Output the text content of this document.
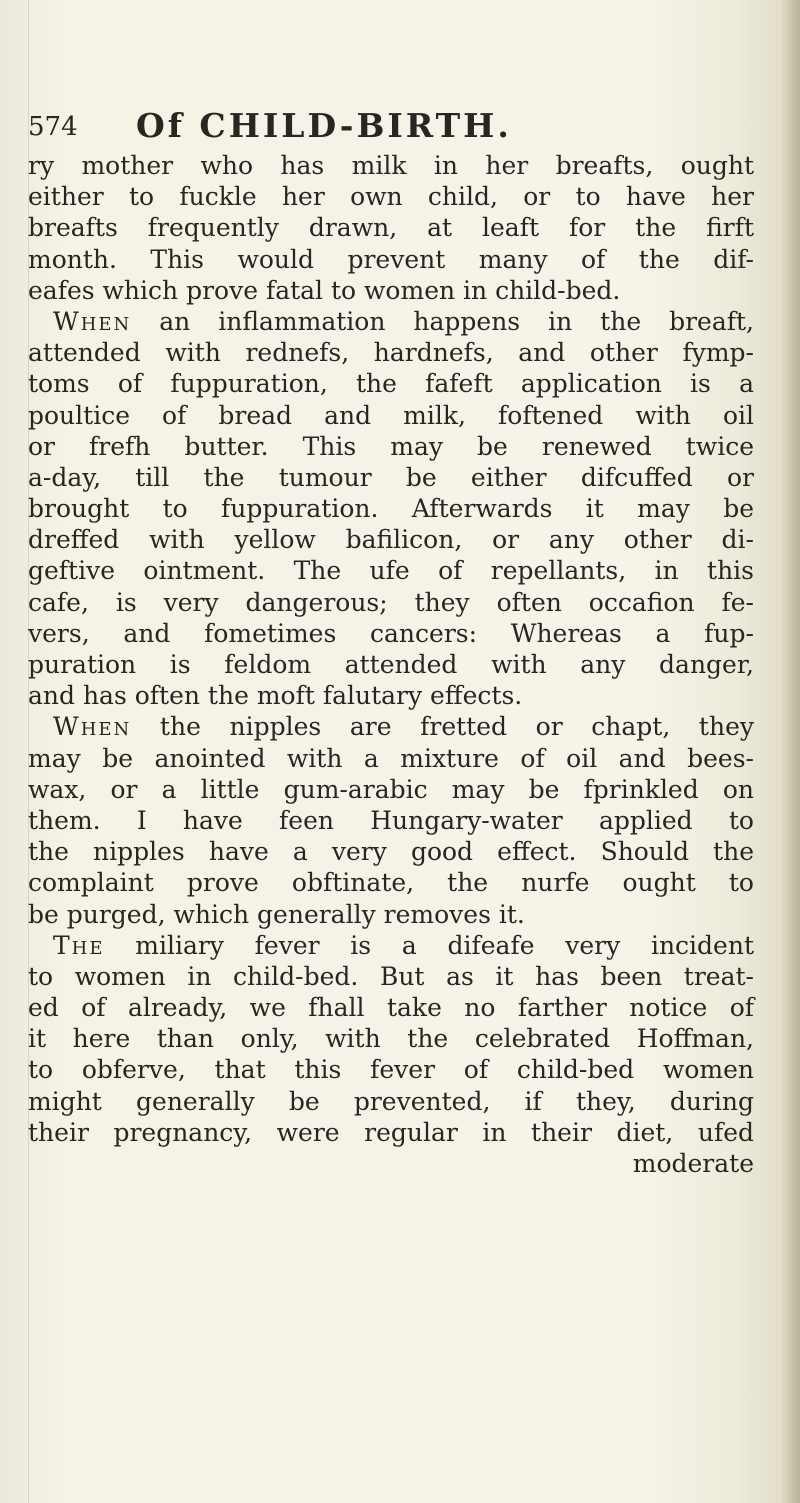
574 Of CHILD-BIRTH.
ry mother who has milk in her breafts, ought
either to fuckle her own child, or to have her
breafts frequently drawn, at leaft for the firft
month. This would prevent many of the dif-
eafes which prove fatal to women in child-bed.
When an inflammation happens in the breaft,
attended with rednefs, hardnefs, and other fymp-
toms of fuppuration, the fafeft application is a
poultice of bread and milk, foftened with oil
or frefh butter. This may be renewed twice
a-day, till the tumour be either difcuffed or
brought to fuppuration. Afterwards it may be
dreffed with yellow bafilicon, or any other di-
geftive ointment. The ufe of repellants, in this
cafe, is very dangerous; they often occafion fe-
vers, and fometimes cancers: Whereas a fup-
puration is feldom attended with any danger,
and has often the moft falutary effects.
When the nipples are fretted or chapt, they
may be anointed with a mixture of oil and bees-
wax, or a little gum-arabic may be fprinkled on
them. I have feen Hungary-water applied to
the nipples have a very good effect. Should the
complaint prove obftinate, the nurfe ought to
be purged, which generally removes it.
The miliary fever is a difeafe very incident
to women in child-bed. But as it has been treat-
ed of already, we fhall take no farther notice of
it here than only, with the celebrated Hoffman,
to obferve, that this fever of child-bed women
might generally be prevented, if they, during
their pregnancy, were regular in their diet, ufed
moderate
